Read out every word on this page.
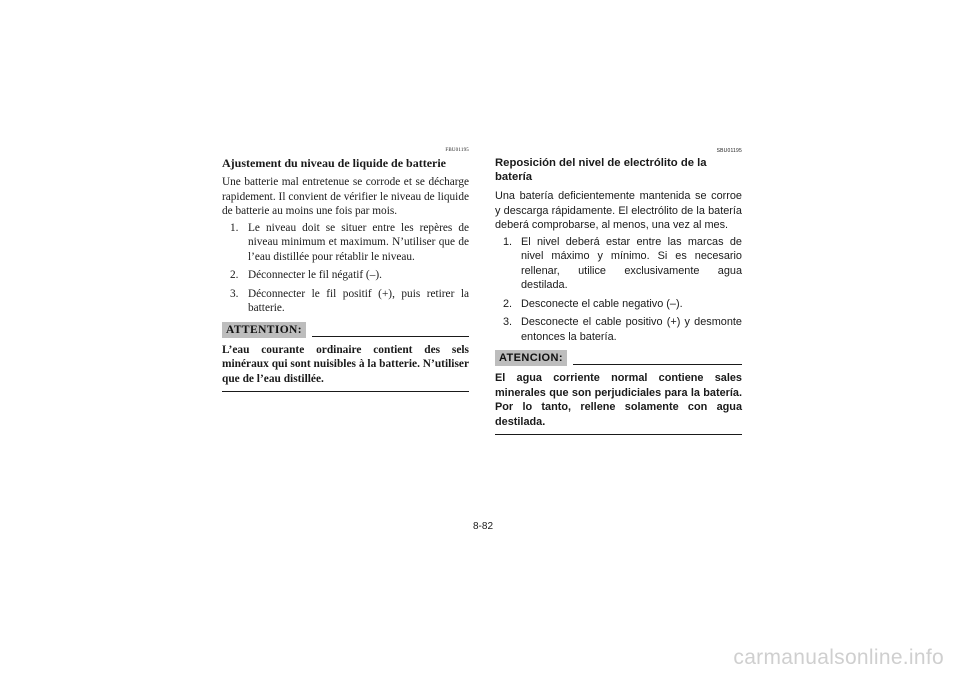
FBU01195
Ajustement du niveau de liquide de batterie

Une batterie mal entretenue se corrode et se décharge rapidement. Il convient de vérifier le niveau de liquide de batterie au moins une fois par mois.

1. Le niveau doit se situer entre les repères de niveau minimum et maximum. N’utiliser que de l’eau distillée pour rétablir le niveau.
2. Déconnecter le fil négatif (–).
3. Déconnecter le fil positif (+), puis retirer la batterie.
ATTENTION:

L’eau courante ordinaire contient des sels minéraux qui sont nuisibles à la batterie. N’utiliser que de l’eau distillée.

SBU01195
Reposición del nivel de electrólito de la batería

Una batería deficientemente mantenida se corroe y descarga rápidamente. El electrólito de la batería deberá comprobarse, al menos, una vez al mes.

1. El nivel deberá estar entre las marcas de nivel máximo y mínimo. Si es necesario rellenar, utilice exclusivamente agua destilada.
2. Desconecte el cable negativo (–).
3. Desconecte el cable positivo (+) y desmonte entonces la batería.
ATENCION:

El agua corriente normal contiene sales minerales que son perjudiciales para la batería. Por lo tanto, rellene solamente con agua destilada.

8-82
carmanualsonline.info
